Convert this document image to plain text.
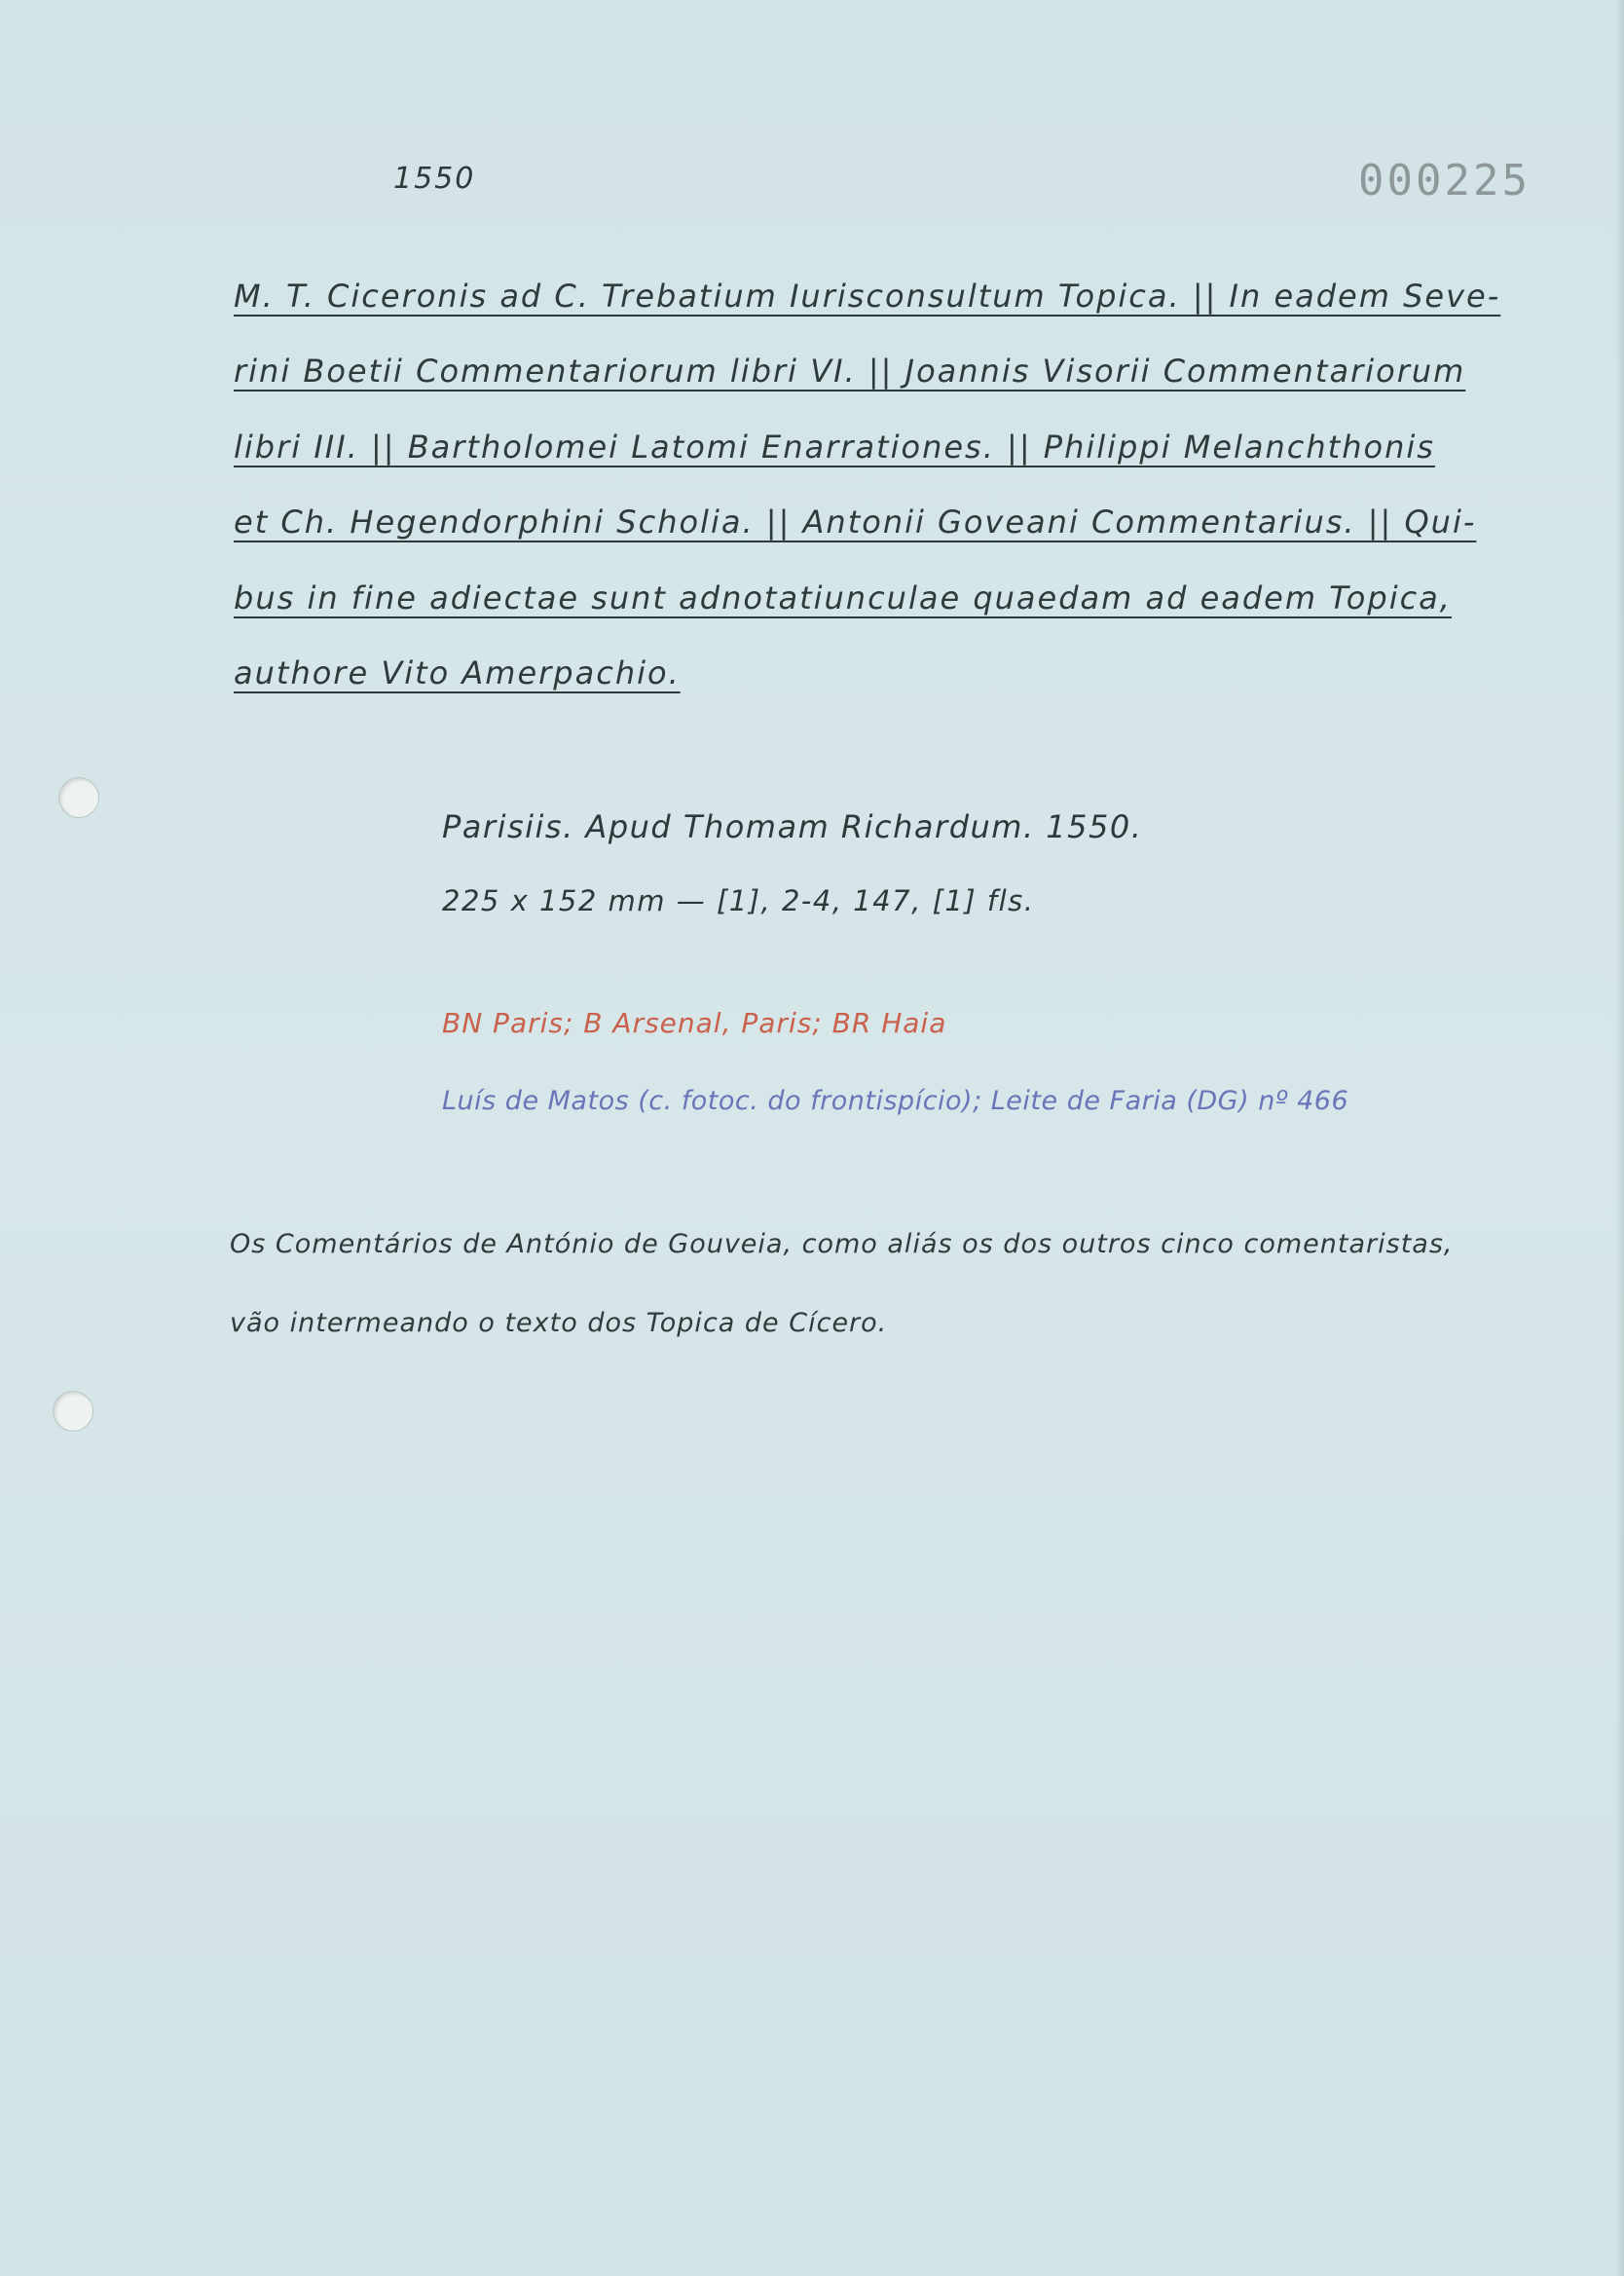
1550	000225
M. T. Ciceronis ad C. Trebatium Iurisconsultum Topica. || In eadem Seve-
rini Boetii Commentariorum libri VI. || Joannis Visorii Commentariorum
libri III. || Bartholomei Latomi Enarrationes. || Philippi Melanchthonis
et Ch. Hegendorphini Scholia. || Antonii Goveani Commentarius. || Qui-
bus in fine adiectae sunt adnotatiunculae quaedam ad eadem Topica,
authore Vito Amerpachio.
Parisiis. Apud Thomam Richardum. 1550.
225 x 152 mm — [1], 2-4, 147, [1] fls.
BN Paris; B Arsenal, Paris; BR Haia
Luís de Matos (c. fotoc. do frontispício); Leite de Faria (DG) nº 466
Os Comentários de António de Gouveia, como aliás os dos outros cinco comentaristas,
vão intermeando o texto dos Topica de Cícero.
